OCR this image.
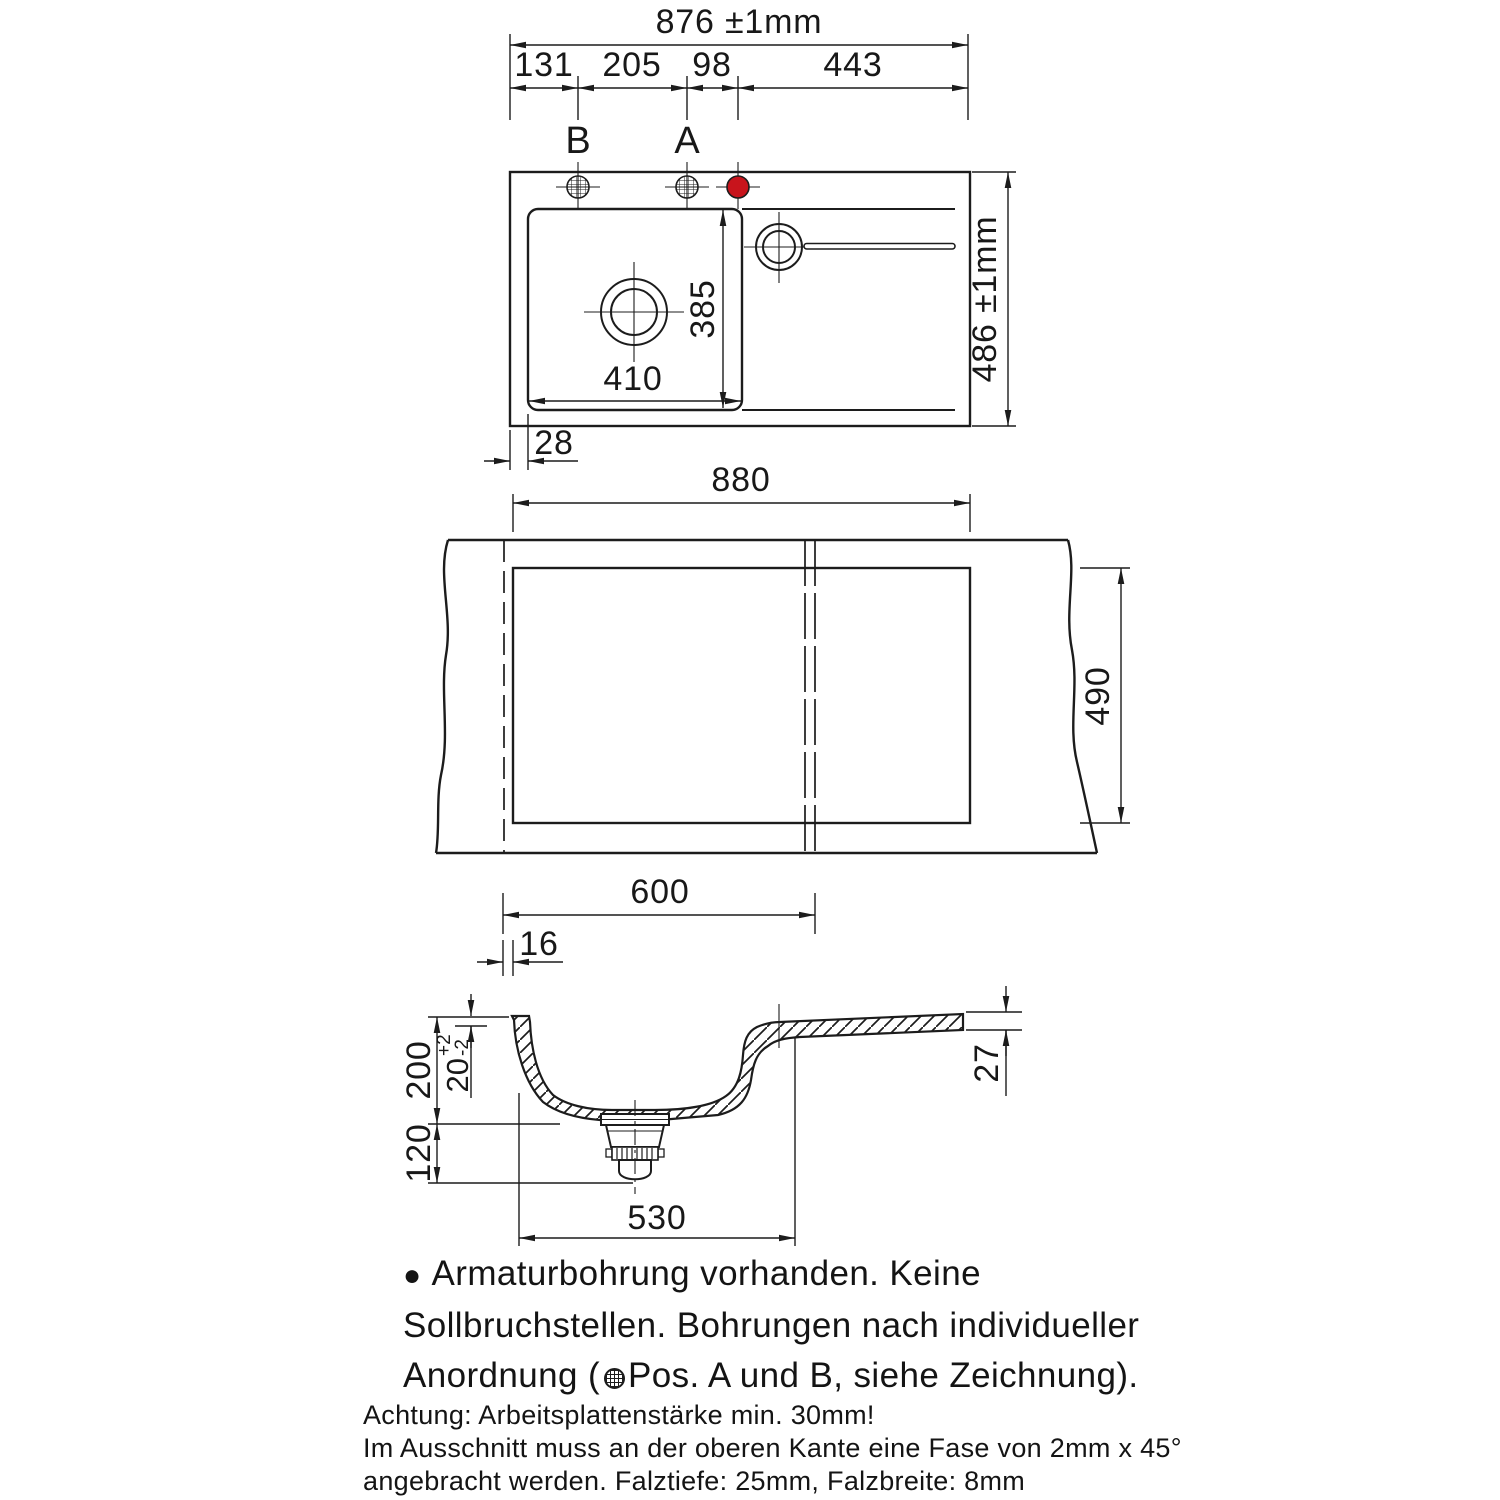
876 ±1mm
131 205 98	443
B A
385
410
28
486 ±1mm
880
490
600
16
200
120
20
+2
-2	27
530
● Armaturbohrung vorhanden. Keine
Sollbruchstellen. Bohrungen nach individueller
Anordnung ( Pos. A und B, siehe Zeichnung).
Achtung: Arbeitsplattenstärke min. 30mm!
Im Ausschnitt muss an der oberen Kante eine Fase von 2mm x 45°
angebracht werden. Falztiefe: 25mm, Falzbreite: 8mm
